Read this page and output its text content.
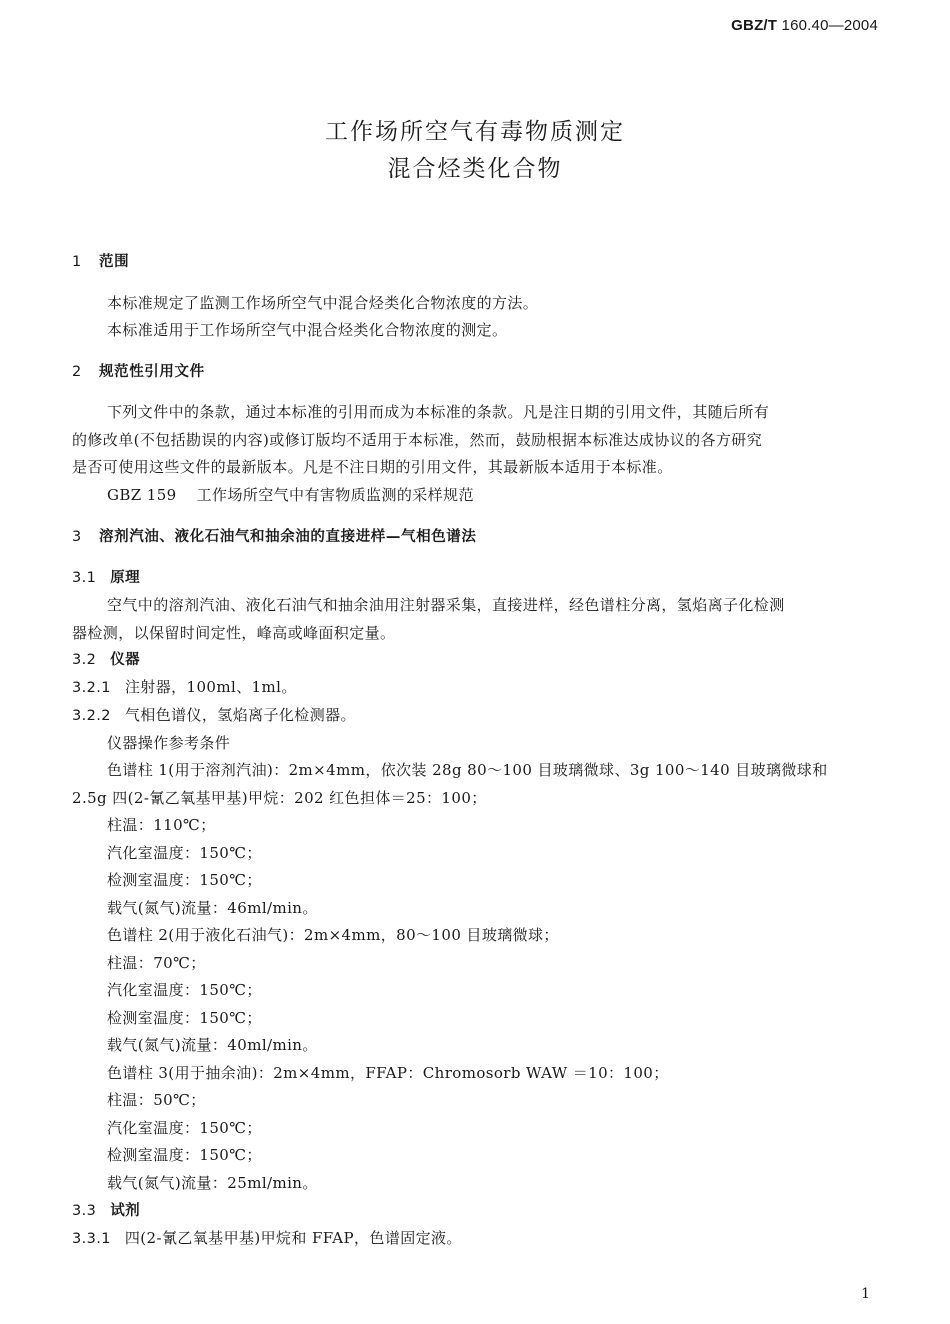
GBZ/T 160.40—2004
工作场所空气有毒物质测定
混合烃类化合物
1 范围
本标准规定了监测工作场所空气中混合烃类化合物浓度的方法。
本标准适用于工作场所空气中混合烃类化合物浓度的测定。
2 规范性引用文件
下列文件中的条款，通过本标准的引用而成为本标准的条款。凡是注日期的引用文件，其随后所有
的修改单(不包括勘误的内容)或修订版均不适用于本标准，然而，鼓励根据本标准达成协议的各方研究
是否可使用这些文件的最新版本。凡是不注日期的引用文件，其最新版本适用于本标准。
GBZ 159 工作场所空气中有害物质监测的采样规范
3 溶剂汽油、液化石油气和抽余油的直接进样—气相色谱法
3.1 原理
空气中的溶剂汽油、液化石油气和抽余油用注射器采集，直接进样，经色谱柱分离，氢焰离子化检测
器检测，以保留时间定性，峰高或峰面积定量。
3.2 仪器
3.2.1 注射器，100ml、1ml。
3.2.2 气相色谱仪，氢焰离子化检测器。
仪器操作参考条件
色谱柱 1(用于溶剂汽油)：2m×4mm，依次装 28g 80～100 目玻璃微球、3g 100～140 目玻璃微球和
2.5g 四(2-氰乙氧基甲基)甲烷：202 红色担体＝25：100；
柱温：110℃；
汽化室温度：150℃；
检测室温度：150℃；
载气(氮气)流量：46ml/min。
色谱柱 2(用于液化石油气)：2m×4mm，80～100 目玻璃微球；
柱温：70℃；
汽化室温度：150℃；
检测室温度：150℃；
载气(氮气)流量：40ml/min。
色谱柱 3(用于抽余油)：2m×4mm，FFAP：Chromosorb WAW ＝10：100；
柱温：50℃；
汽化室温度：150℃；
检测室温度：150℃；
载气(氮气)流量：25ml/min。
3.3 试剂
3.3.1 四(2-氰乙氧基甲基)甲烷和 FFAP，色谱固定液。
1
